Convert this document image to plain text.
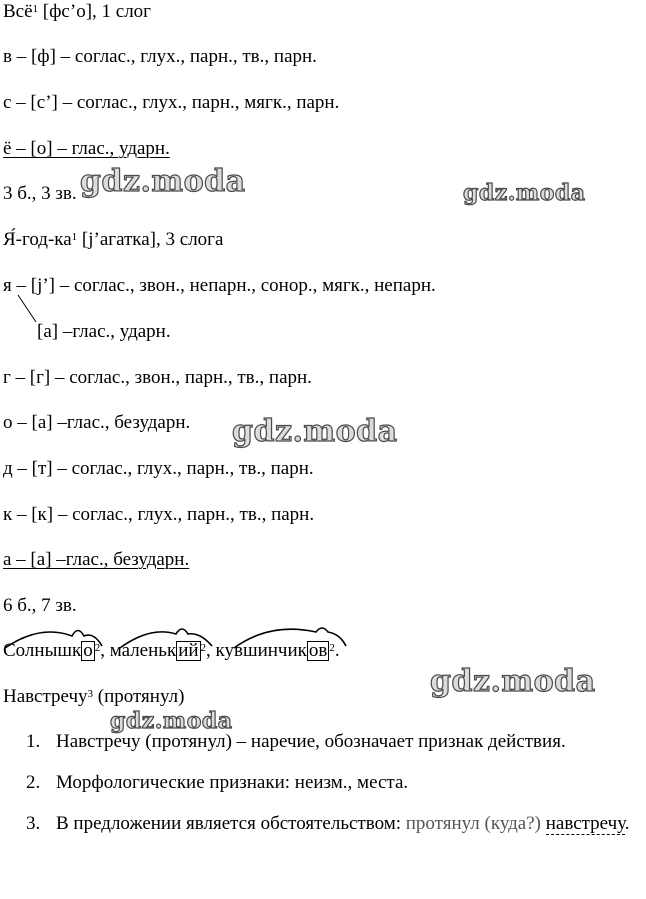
Всё$^1$ [фс’о], 1 слог
в – [ф] – соглас., глух., парн., тв., парн.
с – [с’] – соглас., глух., парн., мягк., парн.
ё – [о] – глас., ударн.
3 б., 3 зв.
$Я́-год-ка^1$ [j’агатка], 3 слога
я – [j’] – соглас., звон., непарн., сонор., мягк., непарн.
[а] –глас., ударн.
г – [г] – соглас., звон., парн., тв., парн.
о – [а] –глас., безударн.
д – [т] – соглас., глух., парн., тв., парн.
к – [к] – соглас., глух., парн., тв., парн.
а – [а] –глас., безударн.
6 б., 7 зв.
Солнышк о $^2$, маленьк ий $^2$, кувшинчик ов $^2$.
Навстречу$^3$ (протянул)
1. Навстречу (протянул) – наречие, обозначает признак действия.
2. Морфологические признаки: неизм., места.
3. В предложении является обстоятельством: протянул (куда?) навстречу.
gdz.moda	gdz.moda
gdz.moda
gdz.moda
gdz.moda
